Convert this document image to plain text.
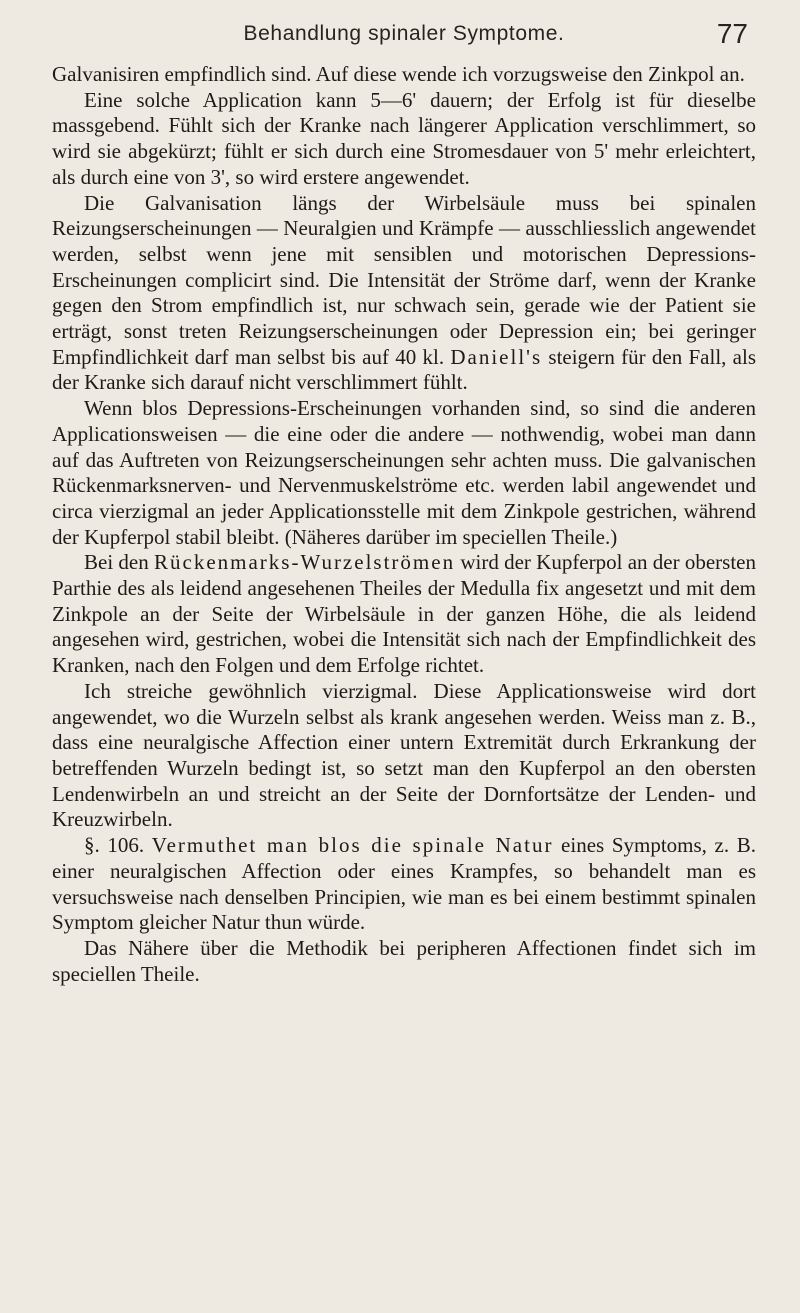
Behandlung spinaler Symptome.	77

Galvanisiren empfindlich sind. Auf diese wende ich vorzugsweise den Zinkpol an.

Eine solche Application kann 5—6' dauern; der Erfolg ist für dieselbe massgebend. Fühlt sich der Kranke nach längerer Application verschlimmert, so wird sie abgekürzt; fühlt er sich durch eine Stromesdauer von 5' mehr erleichtert, als durch eine von 3', so wird erstere angewendet.

Die Galvanisation längs der Wirbelsäule muss bei spinalen Reizungserscheinungen — Neuralgien und Krämpfe — ausschliesslich angewendet werden, selbst wenn jene mit sensiblen und motorischen Depressions-Erscheinungen complicirt sind. Die Intensität der Ströme darf, wenn der Kranke gegen den Strom empfindlich ist, nur schwach sein, gerade wie der Patient sie erträgt, sonst treten Reizungserscheinungen oder Depression ein; bei geringer Empfindlichkeit darf man selbst bis auf 40 kl. Daniell's steigern für den Fall, als der Kranke sich darauf nicht verschlimmert fühlt.

Wenn blos Depressions-Erscheinungen vorhanden sind, so sind die anderen Applicationsweisen — die eine oder die andere — nothwendig, wobei man dann auf das Auftreten von Reizungserscheinungen sehr achten muss. Die galvanischen Rückenmarksnerven- und Nervenmuskelströme etc. werden labil angewendet und circa vierzigmal an jeder Applicationsstelle mit dem Zinkpole gestrichen, während der Kupferpol stabil bleibt. (Näheres darüber im speciellen Theile.)

Bei den Rückenmarks-Wurzelströmen wird der Kupferpol an der obersten Parthie des als leidend angesehenen Theiles der Medulla fix angesetzt und mit dem Zinkpole an der Seite der Wirbelsäule in der ganzen Höhe, die als leidend angesehen wird, gestrichen, wobei die Intensität sich nach der Empfindlichkeit des Kranken, nach den Folgen und dem Erfolge richtet.

Ich streiche gewöhnlich vierzigmal. Diese Applicationsweise wird dort angewendet, wo die Wurzeln selbst als krank angesehen werden. Weiss man z. B., dass eine neuralgische Affection einer untern Extremität durch Erkrankung der betreffenden Wurzeln bedingt ist, so setzt man den Kupferpol an den obersten Lendenwirbeln an und streicht an der Seite der Dornfortsätze der Lenden- und Kreuzwirbeln.

§. 106. Vermuthet man blos die spinale Natur eines Symptoms, z. B. einer neuralgischen Affection oder eines Krampfes, so behandelt man es versuchsweise nach denselben Principien, wie man es bei einem bestimmt spinalen Symptom gleicher Natur thun würde.

Das Nähere über die Methodik bei peripheren Affectionen findet sich im speciellen Theile.
